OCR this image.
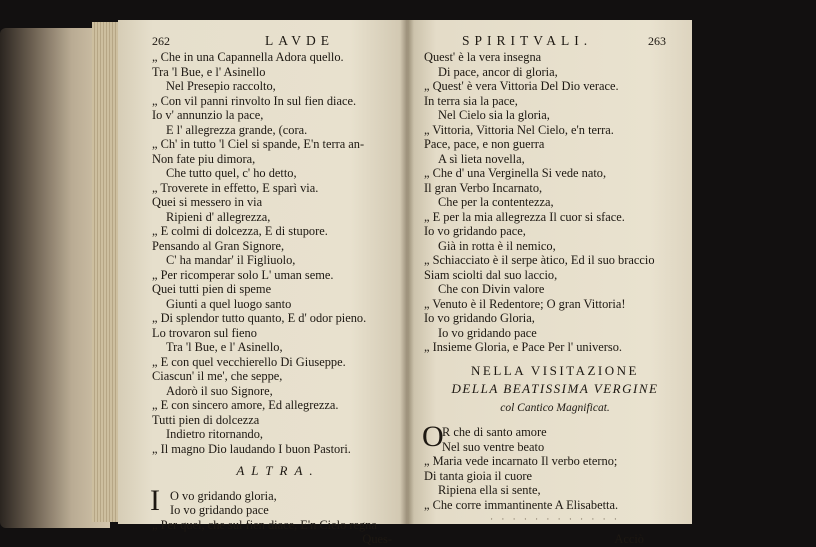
262	LAVDE
„ Che in una Capannella Adora quello.
Tra 'l Bue, e l' Asinello
Nel Presepio raccolto,
„ Con vil panni rinvolto In sul fien diace.
Io v' annunzio la pace,
E l' allegrezza grande, (cora.
„ Ch' in tutto 'l Ciel si spande, E'n terra an-
Non fate piu dimora,
Che tutto quel, c' ho detto,
„ Troverete in effetto, E sparì via.
Quei si messero in via
Ripieni d' allegrezza,
„ E colmi di dolcezza, E di stupore.
Pensando al Gran Signore,
C' ha mandar' il Figliuolo,
„ Per ricomperar solo L' uman seme.
Quei tutti pien di speme
Giunti a quel luogo santo
„ Di splendor tutto quanto, E d' odor pieno.
Lo trovaron sul fieno
Tra 'l Bue, e l' Asinello,
„ E con quel vecchierello Di Giuseppe.
Ciascun' il me', che seppe,
Adorò il suo Signore,
„ E con sincero amore, Ed allegrezza.
Tutti pien di dolcezza
Indietro ritornando,
„ Il magno Dio laudando I buon Pastori.
ALTRA.
I O vo gridando gloria,
Io vo gridando pace
„ Per quel, che sul fien diace, E'n Cielo regna
Ques-
SPIRITVALI.	263
Quest' è la vera insegna
Di pace, ancor di gloria,
„ Quest' è vera Vittoria Del Dio verace.
In terra sia la pace,
Nel Cielo sia la gloria,
„ Vittoria, Vittoria Nel Cielo, e'n terra.
Pace, pace, e non guerra
A sì lieta novella,
„ Che d' una Verginella Si vede nato,
Il gran Verbo Incarnato,
Che per la contentezza,
„ E per la mia allegrezza Il cuor si sface.
Io vo gridando pace,
Già in rotta è il nemico,
„ Schiacciato è il serpe àtico, Ed il suo braccio
Siam sciolti dal suo laccio,
Che con Divin valore
„ Venuto è il Redentore; O gran Vittoria!
Io vo gridando Gloria,
Io vo gridando pace
„ Insieme Gloria, e Pace Per l' universo.
NELLA VISITAZIONE
DELLA BEATISSIMA VERGINE
col Cantico Magnificat.
O
R che di santo amore
Nel suo ventre beato
„ Maria vede incarnato Il verbo eterno;
Di tanta gioia il cuore
Ripiena ella si sente,
„ Che corre immantinente A Elisabetta.
· · · · · · · · · · · ·
Acciò
